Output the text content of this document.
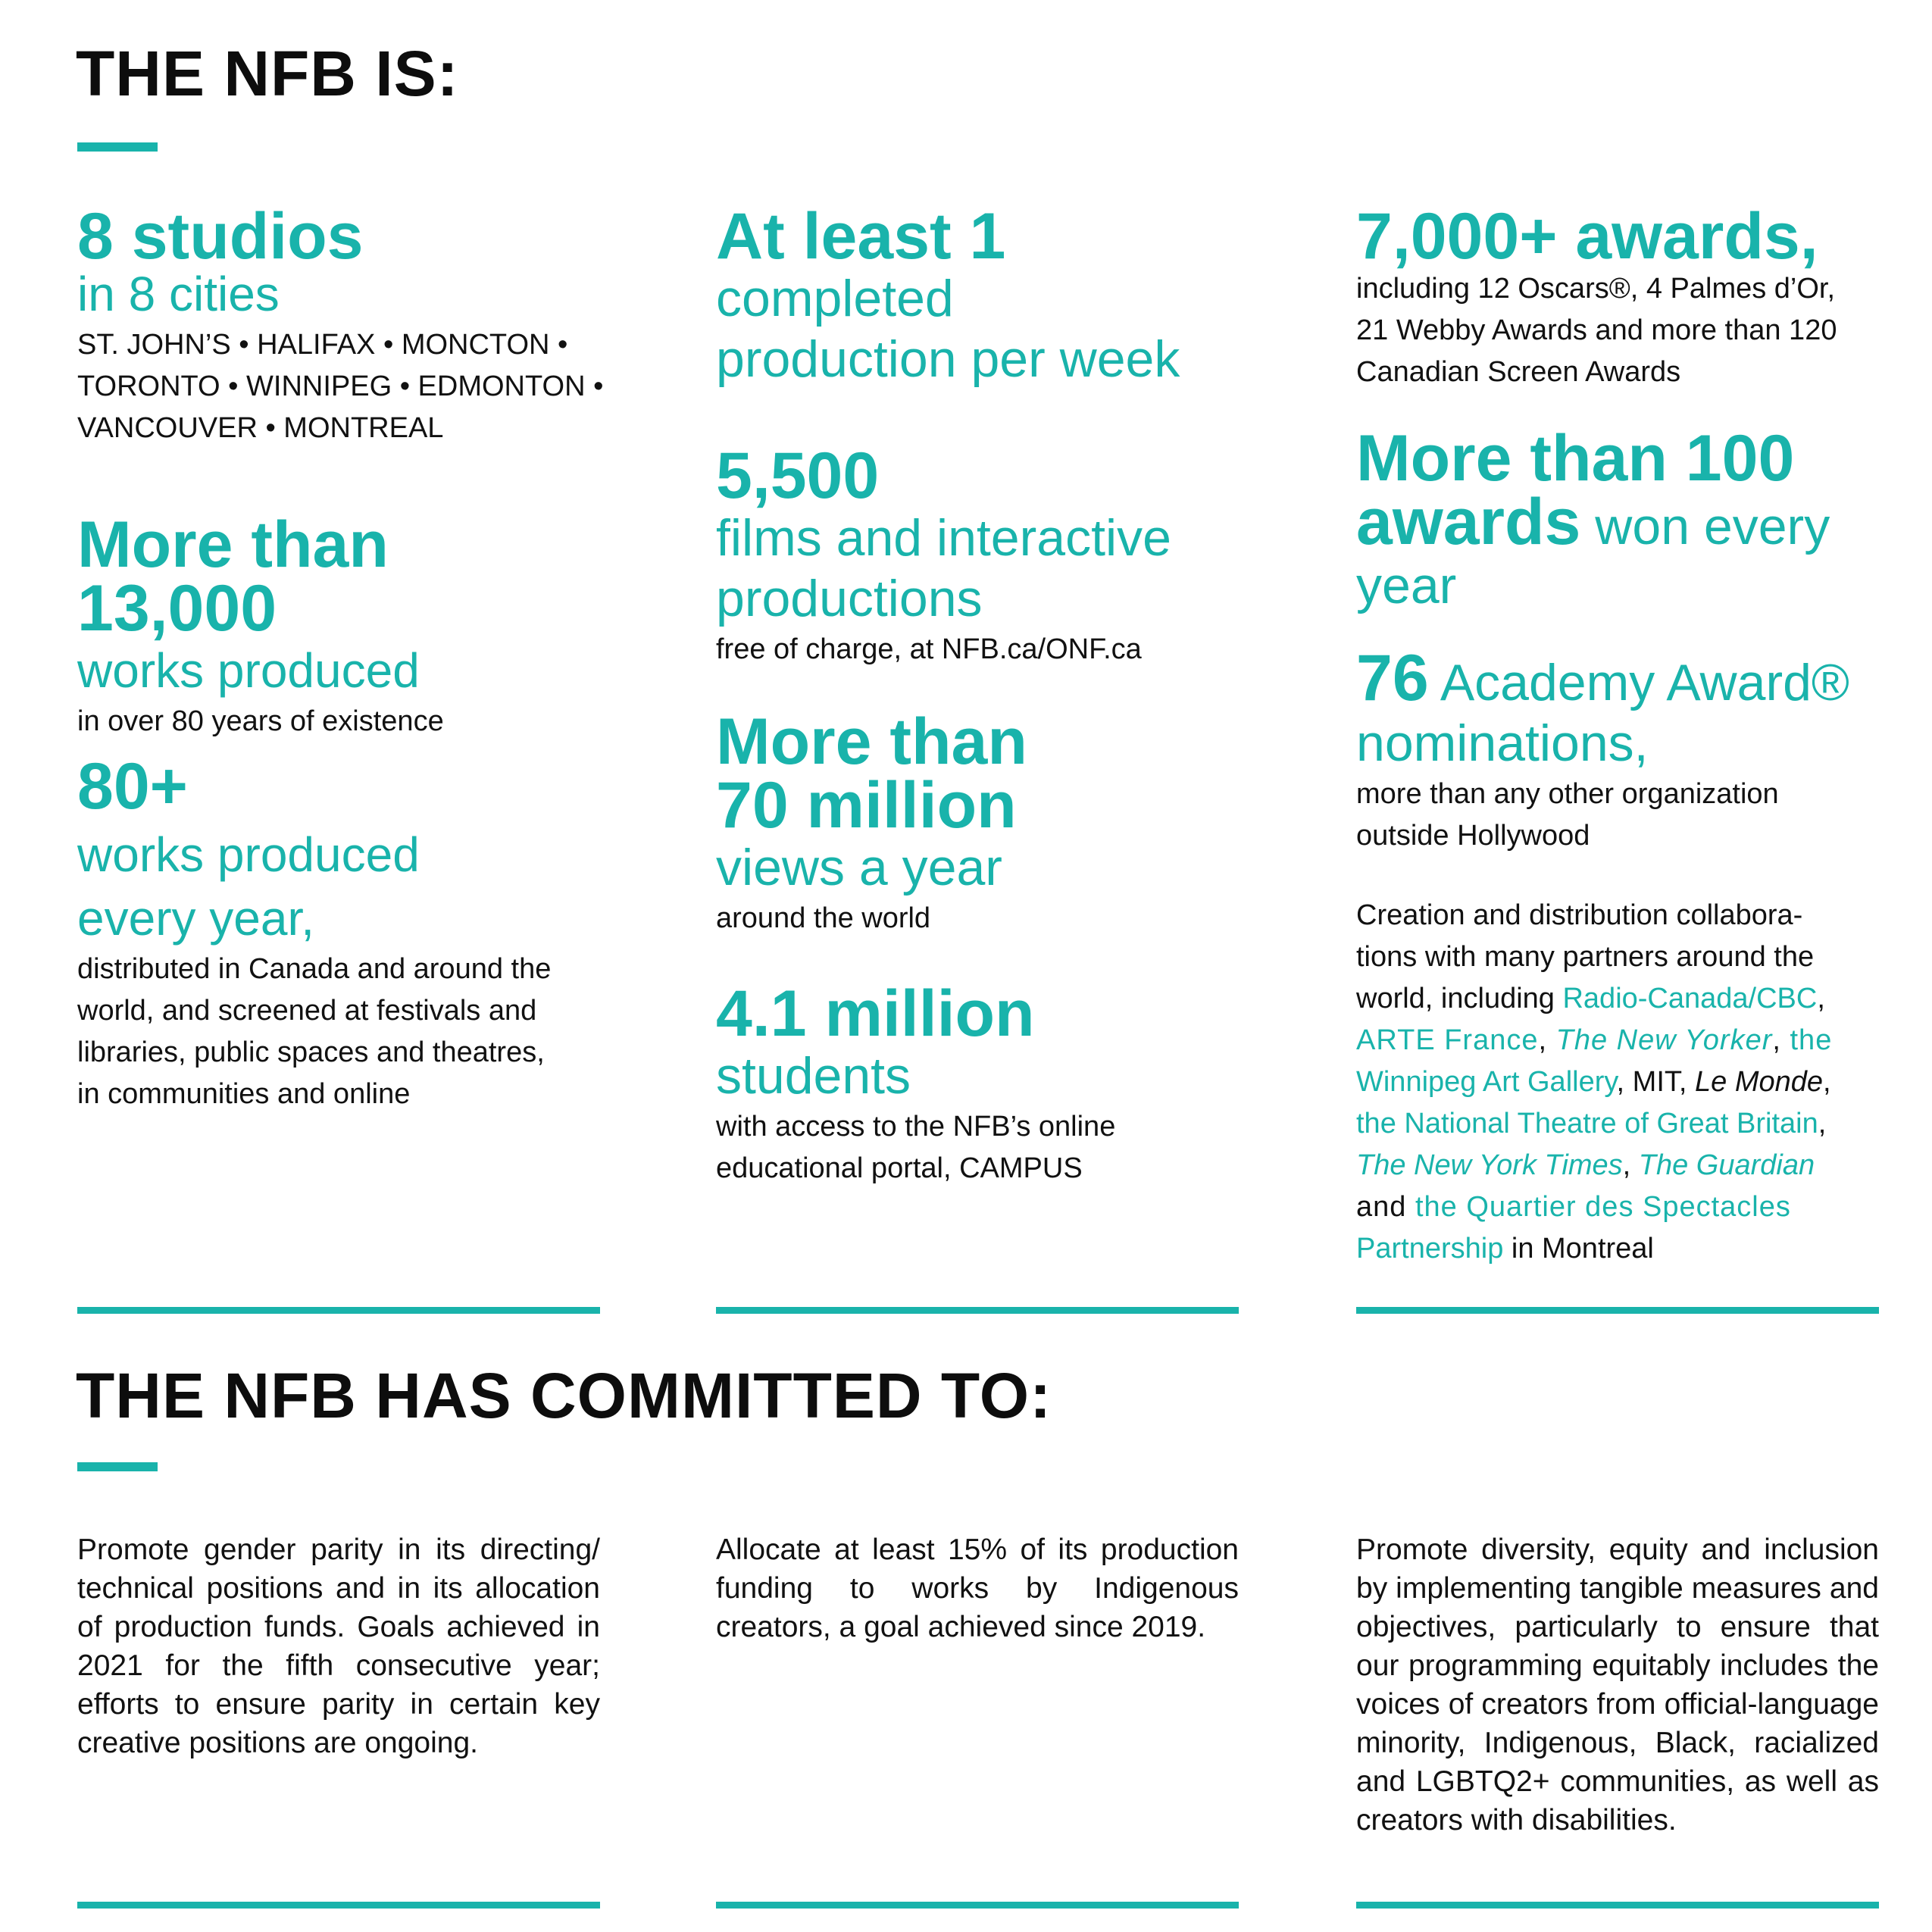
THE NFB IS:

8 studios

in 8 cities

ST. JOHN’S • HALIFAX • MONCTON •

TORONTO • WINNIPEG • EDMONTON •

VANCOUVER • MONTREAL

More than

13,000

works produced

in over 80 years of existence

80+

works produced

every year,

distributed in Canada and around the

world, and screened at festivals and

libraries, public spaces and theatres,

in communities and online

At least 1

completed

production per week

5,500

films and interactive

productions

free of charge, at NFB.ca/ONF.ca

More than

70 million

views a year

around the world

4.1 million

students

with access to the NFB’s online

educational portal, CAMPUS

7,000+ awards,

including 12 Oscars®, 4 Palmes d’Or,

21 Webby Awards and more than 120

Canadian Screen Awards

More than 100

awards won every

year

76 Academy Award®

nominations,

more than any other organization

outside Hollywood

Creation and distribution collabora-

tions with many partners around the

world, including Radio-Canada/CBC,

ARTE France, The New Yorker, the

Winnipeg Art Gallery, MIT, Le Monde,

the National Theatre of Great Britain,

The New York Times, The Guardian

and the Quartier des Spectacles

Partnership in Montreal

THE NFB HAS COMMITTED TO:

Promote gender parity in its directing/ technical positions and in its allocation of production funds. Goals achieved in 2021 for the fifth consecutive year; efforts to ensure parity in certain key creative positions are ongoing.

Allocate at least 15% of its production funding to works by Indigenous creators, a goal achieved since 2019.

Promote diversity, equity and inclusion by implementing tangible measures and objectives, particularly to ensure that our programming equitably includes the voices of creators from official-language minority, Indigenous, Black, racialized and LGBTQ2+ communities, as well as creators with disabilities.
